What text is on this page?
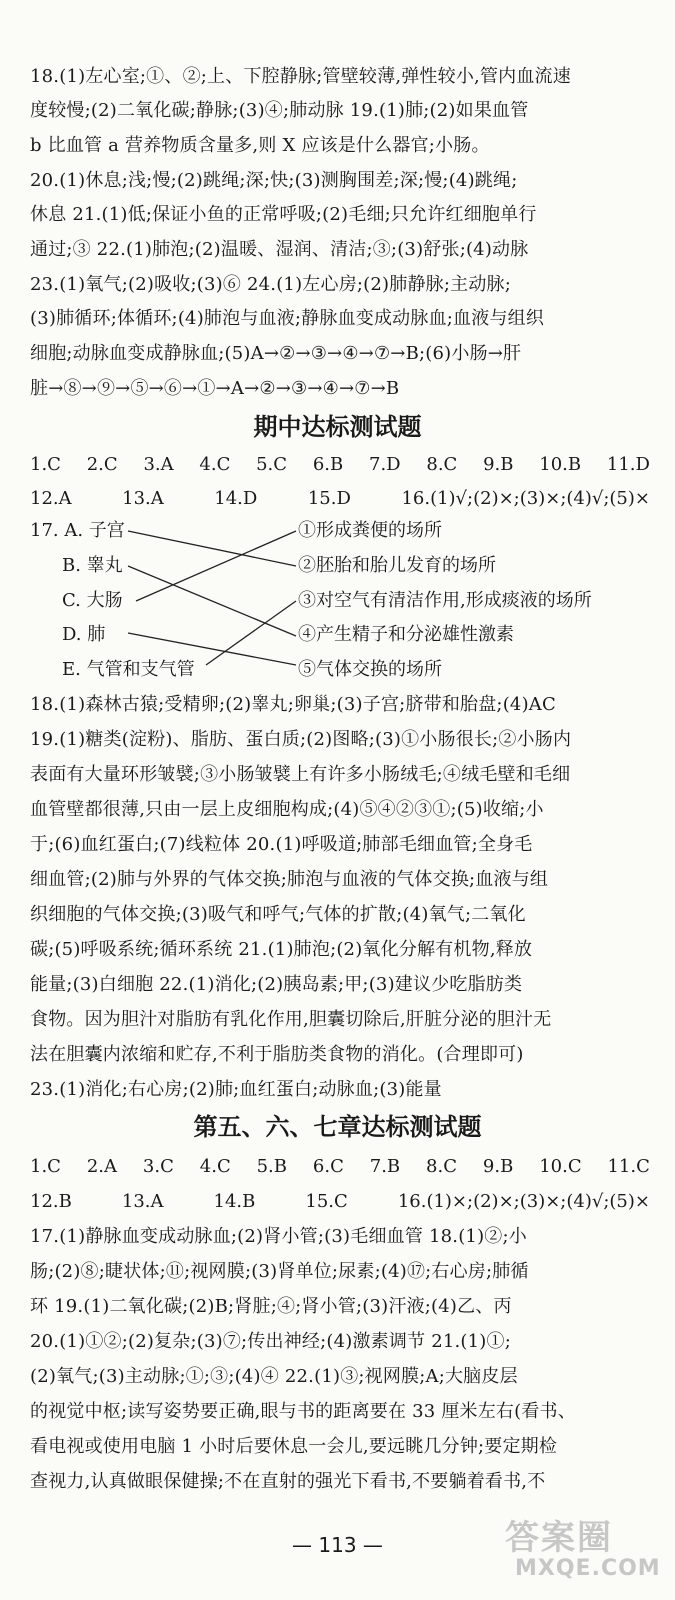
18.(1)左心室;①、②;上、下腔静脉;管壁较薄,弹性较小,管内血流速
度较慢;(2)二氧化碳;静脉;(3)④;肺动脉 19.(1)肺;(2)如果血管
b 比血管 a 营养物质含量多,则 X 应该是什么器官;小肠。
20.(1)休息;浅;慢;(2)跳绳;深;快;(3)测胸围差;深;慢;(4)跳绳;
休息 21.(1)低;保证小鱼的正常呼吸;(2)毛细;只允许红细胞单行
通过;③ 22.(1)肺泡;(2)温暖、湿润、清洁;③;(3)舒张;(4)动脉
23.(1)氧气;(2)吸收;(3)⑥ 24.(1)左心房;(2)肺静脉;主动脉;
(3)肺循环;体循环;(4)肺泡与血液;静脉血变成动脉血;血液与组织
细胞;动脉血变成静脉血;(5)A→②→③→④→⑦→B;(6)小肠→肝
脏→⑧→⑨→⑤→⑥→①→A→②→③→④→⑦→B
期中达标测试题
1.C 2.C 3.A 4.C 5.C 6.B 7.D 8.C 9.B 10.B 11.D
12.A	13.A	14.D	15.D	16.(1)√;(2)×;(3)×;(4)√;(5)×
17. A. 子宫
B. 睾丸
C. 大肠
D. 肺
E. 气管和支气管
①形成粪便的场所
②胚胎和胎儿发育的场所
③对空气有清洁作用,形成痰液的场所
④产生精子和分泌雄性激素
⑤气体交换的场所
18.(1)森林古猿;受精卵;(2)睾丸;卵巢;(3)子宫;脐带和胎盘;(4)AC
19.(1)糖类(淀粉)、脂肪、蛋白质;(2)图略;(3)①小肠很长;②小肠内
表面有大量环形皱襞;③小肠皱襞上有许多小肠绒毛;④绒毛壁和毛细
血管壁都很薄,只由一层上皮细胞构成;(4)⑤④②③①;(5)收缩;小
于;(6)血红蛋白;(7)线粒体 20.(1)呼吸道;肺部毛细血管;全身毛
细血管;(2)肺与外界的气体交换;肺泡与血液的气体交换;血液与组
织细胞的气体交换;(3)吸气和呼气;气体的扩散;(4)氧气;二氧化
碳;(5)呼吸系统;循环系统 21.(1)肺泡;(2)氧化分解有机物,释放
能量;(3)白细胞 22.(1)消化;(2)胰岛素;甲;(3)建议少吃脂肪类
食物。因为胆汁对脂肪有乳化作用,胆囊切除后,肝脏分泌的胆汁无
法在胆囊内浓缩和贮存,不利于脂肪类食物的消化。(合理即可)
23.(1)消化;右心房;(2)肺;血红蛋白;动脉血;(3)能量
第五、六、七章达标测试题
1.C 2.A 3.C 4.C 5.B 6.C 7.B 8.C 9.B 10.C 11.C
12.B	13.A	14.B	15.C	16.(1)×;(2)×;(3)×;(4)√;(5)×
17.(1)静脉血变成动脉血;(2)肾小管;(3)毛细血管 18.(1)②;小
肠;(2)⑧;睫状体;⑪;视网膜;(3)肾单位;尿素;(4)⑰;右心房;肺循
环 19.(1)二氧化碳;(2)B;肾脏;④;肾小管;(3)汗液;(4)乙、丙
20.(1)①②;(2)复杂;(3)⑦;传出神经;(4)激素调节 21.(1)①;
(2)氧气;(3)主动脉;①;③;(4)④ 22.(1)③;视网膜;A;大脑皮层
的视觉中枢;读写姿势要正确,眼与书的距离要在 33 厘米左右(看书、
看电视或使用电脑 1 小时后要休息一会儿,要远眺几分钟;要定期检
查视力,认真做眼保健操;不在直射的强光下看书,不要躺着看书,不
— 113 —	答案圈
MXQE.COM
